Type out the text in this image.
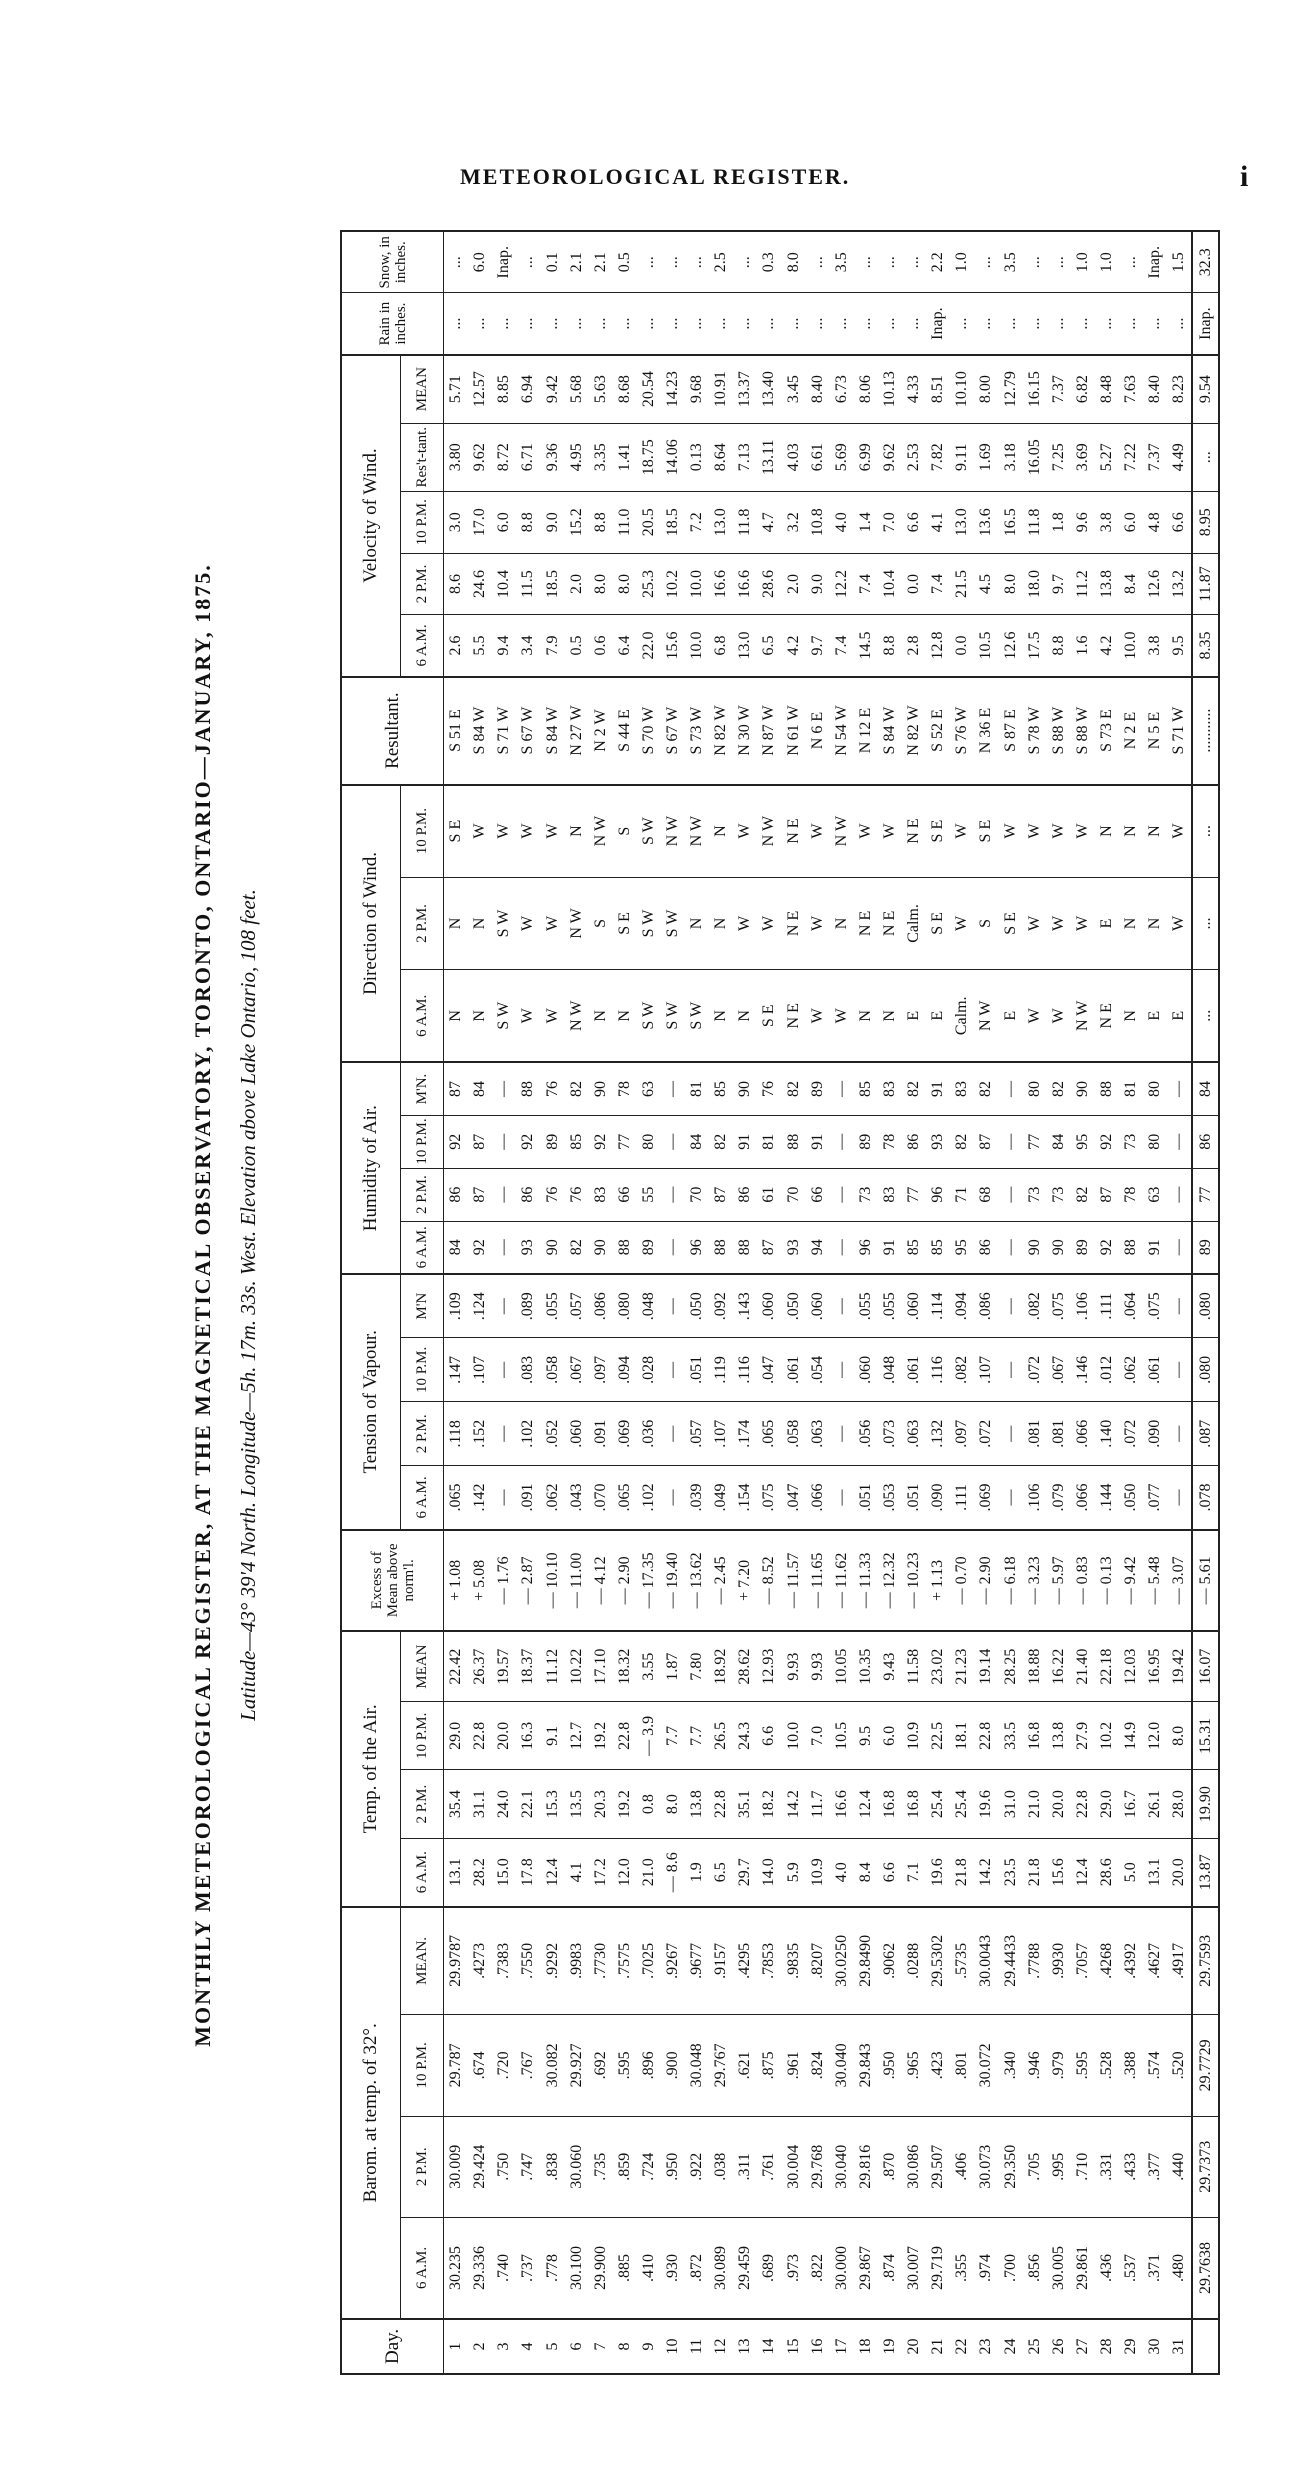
METEOROLOGICAL REGISTER.	i
MONTHLY METEOROLOGICAL REGISTER, AT THE MAGNETICAL OBSERVATORY, TORONTO, ONTARIO—JANUARY, 1875. Latitude—43° 39'4 North. Longitude—5h. 17m. 33s. West. Elevation above Lake Ontario, 108 feet.
Day.	Barom. at temp. of 32°.				Temp. of the Air.				Excess of Mean above norm'l.	Tension of Vapour.				Humidity of Air.				Direction of Wind.			Resultant.	Velocity of Wind.					Rain in inches.	Snow, in inches.
	6 A.M.	2 P.M.	10 P.M.	MEAN.	6 A.M.	2 P.M.	10 P.M.	MEAN		6 A.M.	2 P.M.	10 P.M.	M'N	6 A.M.	2 P.M.	10 P.M.	M'N.	6 A.M.	2 P.M.	10 P.M.		6 A.M.	2 P.M.	10 P.M.	Res't-tant.	MEAN		
1	30.235	30.009	29.787	29.9787	13.1	35.4	29.0	22.42	+ 1.08	.065	.118	.147	.109	84	86	92	87	N	N	S E	S 51 E	2.6	8.6	3.0	3.80	5.71	...	...
2	29.336	29.424	.674	.4273	28.2	31.1	22.8	26.37	+ 5.08	.142	.152	.107	.124	92	87	87	84	N	N	W	S 84 W	5.5	24.6	17.0	9.62	12.57	...	6.0
3	.740	.750	.720	.7383	15.0	24.0	20.0	19.57	— 1.76	—	—	—	—	—	—	—	—	S W	S W	W	S 71 W	9.4	10.4	6.0	8.72	8.85	...	Inap.
4	.737	.747	.767	.7550	17.8	22.1	16.3	18.37	— 2.87	.091	.102	.083	.089	93	86	92	88	W	W	W	S 67 W	3.4	11.5	8.8	6.71	6.94	...	...
5	.778	.838	30.082	.9292	12.4	15.3	9.1	11.12	— 10.10	.062	.052	.058	.055	90	76	89	76	W	W	W	S 84 W	7.9	18.5	9.0	9.36	9.42	...	0.1
6	30.100	30.060	29.927	.9983	4.1	13.5	12.7	10.22	— 11.00	.043	.060	.067	.057	82	76	85	82	N W	N W	N	N 27 W	0.5	2.0	15.2	4.95	5.68	...	2.1
7	29.900	.735	.692	.7730	17.2	20.3	19.2	17.10	— 4.12	.070	.091	.097	.086	90	83	92	90	N	S	N W	N 2 W	0.6	8.0	8.8	3.35	5.63	...	2.1
8	.885	.859	.595	.7575	12.0	19.2	22.8	18.32	— 2.90	.065	.069	.094	.080	88	66	77	78	N	S E	S	S 44 E	6.4	8.0	11.0	1.41	8.68	...	0.5
9	.410	.724	.896	.7025	21.0	0.8	— 3.9	3.55	— 17.35	.102	.036	.028	.048	89	55	80	63	S W	S W	S W	S 70 W	22.0	25.3	20.5	18.75	20.54	...	...
10	.930	.950	.900	.9267	— 8.6	8.0	7.7	1.87	— 19.40	—	—	—	—	—	—	—	—	S W	S W	N W	S 67 W	15.6	10.2	18.5	14.06	14.23	...	...
11	.872	.922	30.048	.9677	1.9	13.8	7.7	7.80	— 13.62	.039	.057	.051	.050	96	70	84	81	S W	N	N W	S 73 W	10.0	10.0	7.2	0.13	9.68	...	...
12	30.089	.038	29.767	.9157	6.5	22.8	26.5	18.92	— 2.45	.049	.107	.119	.092	88	87	82	85	N	N	N	N 82 W	6.8	16.6	13.0	8.64	10.91	...	2.5
13	29.459	.311	.621	.4295	29.7	35.1	24.3	28.62	+ 7.20	.154	.174	.116	.143	88	86	91	90	N	W	W	N 30 W	13.0	16.6	11.8	7.13	13.37	...	...
14	.689	.761	.875	.7853	14.0	18.2	6.6	12.93	— 8.52	.075	.065	.047	.060	87	61	81	76	S E	W	N W	N 87 W	6.5	28.6	4.7	13.11	13.40	...	0.3
15	.973	30.004	.961	.9835	5.9	14.2	10.0	9.93	— 11.57	.047	.058	.061	.050	93	70	88	82	N E	N E	N E	N 61 W	4.2	2.0	3.2	4.03	3.45	...	8.0
16	.822	29.768	.824	.8207	10.9	11.7	7.0	9.93	— 11.65	.066	.063	.054	.060	94	66	91	89	W	W	W	N 6 E	9.7	9.0	10.8	6.61	8.40	...	...
17	30.000	30.040	30.040	30.0250	4.0	16.6	10.5	10.05	— 11.62	—	—	—	—	—	—	—	—	W	N	N W	N 54 W	7.4	12.2	4.0	5.69	6.73	...	3.5
18	29.867	29.816	29.843	29.8490	8.4	12.4	9.5	10.35	— 11.33	.051	.056	.060	.055	96	73	89	85	N	N E	W	N 12 E	14.5	7.4	1.4	6.99	8.06	...	...
19	.874	.870	.950	.9062	6.6	16.8	6.0	9.43	— 12.32	.053	.073	.048	.055	91	83	78	83	N	N E	W	S 84 W	8.8	10.4	7.0	9.62	10.13	...	...
20	30.007	30.086	.965	.0288	7.1	16.8	10.9	11.58	— 10.23	.051	.063	.061	.060	85	77	86	82	E	Calm.	N E	N 82 W	2.8	0.0	6.6	2.53	4.33	...	...
21	29.719	29.507	.423	29.5302	19.6	25.4	22.5	23.02	+ 1.13	.090	.132	.116	.114	85	96	93	91	E	S E	S E	S 52 E	12.8	7.4	4.1	7.82	8.51	Inap.	2.2
22	.355	.406	.801	.5735	21.8	25.4	18.1	21.23	— 0.70	.111	.097	.082	.094	95	71	82	83	Calm.	W	W	S 76 W	0.0	21.5	13.0	9.11	10.10	...	1.0
23	.974	30.073	30.072	30.0043	14.2	19.6	22.8	19.14	— 2.90	.069	.072	.107	.086	86	68	87	82	N W	S	S E	N 36 E	10.5	4.5	13.6	1.69	8.00	...	...
24	.700	29.350	.340	29.4433	23.5	31.0	33.5	28.25	— 6.18	—	—	—	—	—	—	—	—	E	S E	W	S 87 E	12.6	8.0	16.5	3.18	12.79	...	3.5
25	.856	.705	.946	.7788	21.8	21.0	16.8	18.88	— 3.23	.106	.081	.072	.082	90	73	77	80	W	W	W	S 78 W	17.5	18.0	11.8	16.05	16.15	...	...
26	30.005	.995	.979	.9930	15.6	20.0	13.8	16.22	— 5.97	.079	.081	.067	.075	90	73	84	82	W	W	W	S 88 W	8.8	9.7	1.8	7.25	7.37	...	...
27	29.861	.710	.595	.7057	12.4	22.8	27.9	21.40	— 0.83	.066	.066	.146	.106	89	82	95	90	N W	W	W	S 88 W	1.6	11.2	9.6	3.69	6.82	...	1.0
28	.436	.331	.528	.4268	28.6	29.0	10.2	22.18	— 0.13	.144	.140	.012	.111	92	87	92	88	N E	E	N	S 73 E	4.2	13.8	3.8	5.27	8.48	...	1.0
29	.537	.433	.388	.4392	5.0	16.7	14.9	12.03	— 9.42	.050	.072	.062	.064	88	78	73	81	N	N	N	N 2 E	10.0	8.4	6.0	7.22	7.63	...	...
30	.371	.377	.574	.4627	13.1	26.1	12.0	16.95	— 5.48	.077	.090	.061	.075	91	63	80	80	E	N	N	N 5 E	3.8	12.6	4.8	7.37	8.40	...	Inap.
31	.480	.440	.520	.4917	20.0	28.0	8.0	19.42	— 3.07	—	—	—	—	—	—	—	—	E	W	W	S 71 W	9.5	13.2	6.6	4.49	8.23	...	1.5
	29.7638	29.7373	29.7729	29.7593	13.87	19.90	15.31	16.07	— 5.61	.078	.087	.080	.080	89	77	86	84	...	...	...	...........	8.35	11.87	8.95	...	9.54	Inap.	32.3
